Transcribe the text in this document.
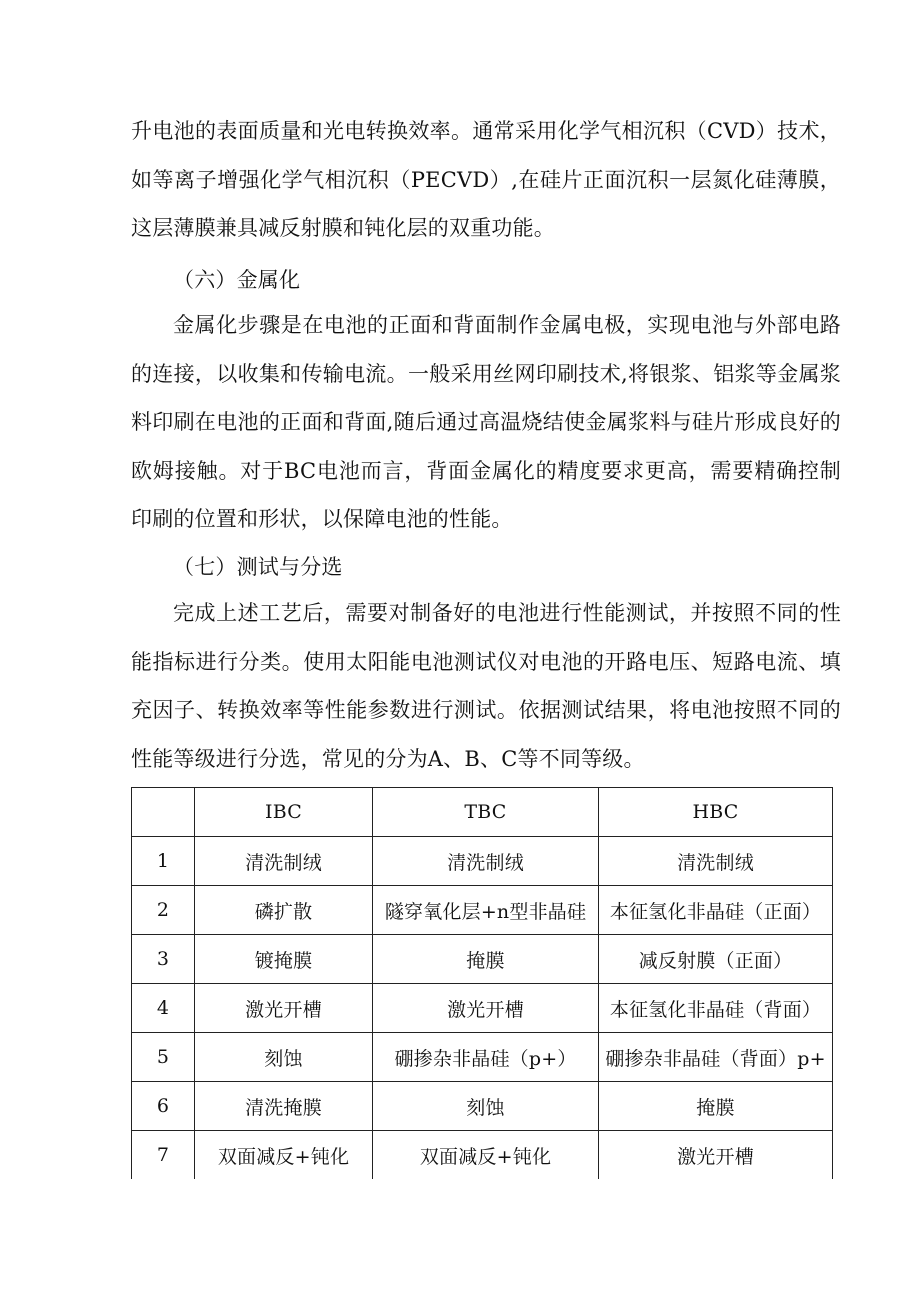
升电池的表面质量和光电转换效率。通常采用化学气相沉积（CVD）技术，如等离子增强化学气相沉积（PECVD）,在硅片正面沉积一层氮化硅薄膜，这层薄膜兼具减反射膜和钝化层的双重功能。

（六）金属化

金属化步骤是在电池的正面和背面制作金属电极，实现电池与外部电路的连接，以收集和传输电流。一般采用丝网印刷技术,将银浆、铝浆等金属浆料印刷在电池的正面和背面,随后通过高温烧结使金属浆料与硅片形成良好的欧姆接触。对于BC电池而言，背面金属化的精度要求更高，需要精确控制印刷的位置和形状，以保障电池的性能。

（七）测试与分选

完成上述工艺后，需要对制备好的电池进行性能测试，并按照不同的性能指标进行分类。使用太阳能电池测试仪对电池的开路电压、短路电流、填充因子、转换效率等性能参数进行测试。依据测试结果，将电池按照不同的性能等级进行分选，常见的分为A、B、C等不同等级。

	IBC	TBC	HBC
1	清洗制绒	清洗制绒	清洗制绒
2	磷扩散	隧穿氧化层+n型非晶硅	本征氢化非晶硅（正面）
3	镀掩膜	掩膜	减反射膜（正面）
4	激光开槽	激光开槽	本征氢化非晶硅（背面）
5	刻蚀	硼掺杂非晶硅（p+）	硼掺杂非晶硅（背面）p+
6	清洗掩膜	刻蚀	掩膜
7	双面减反+钝化	双面减反+钝化	激光开槽
